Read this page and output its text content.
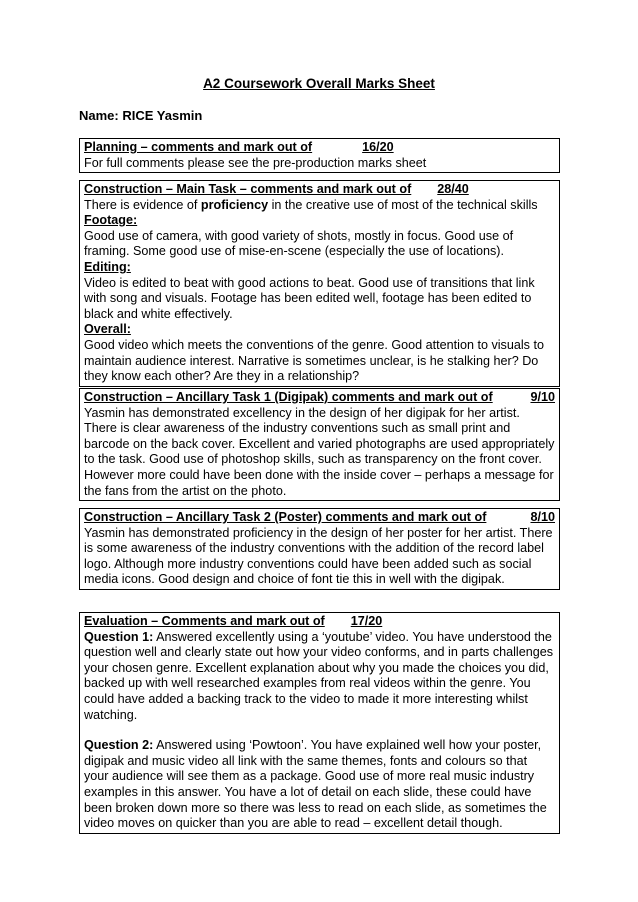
A2 Coursework Overall Marks Sheet
Name: RICE Yasmin
Planning – comments and mark out of	16/20

For full comments please see the pre-production marks sheet

Construction – Main Task – comments and mark out of 28/40

There is evidence of proficiency in the creative use of most of the technical skills

Footage:

Good use of camera, with good variety of shots, mostly in focus. Good use of framing. Some good use of mise-en-scene (especially the use of locations).

Editing:

Video is edited to beat with good actions to beat. Good use of transitions that link with song and visuals. Footage has been edited well, footage has been edited to black and white effectively.

Overall:

Good video which meets the conventions of the genre. Good attention to visuals to maintain audience interest. Narrative is sometimes unclear, is he stalking her? Do they know each other? Are they in a relationship?

Construction – Ancillary Task 1 (Digipak) comments and mark out of	9/10

Yasmin has demonstrated excellency in the design of her digipak for her artist. There is clear awareness of the industry conventions such as small print and barcode on the back cover. Excellent and varied photographs are used appropriately to the task. Good use of photoshop skills, such as transparency on the front cover. However more could have been done with the inside cover – perhaps a message for the fans from the artist on the photo.

Construction – Ancillary Task 2 (Poster) comments and mark out of	8/10

Yasmin has demonstrated proficiency in the design of her poster for her artist. There is some awareness of the industry conventions with the addition of the record label logo. Although more industry conventions could have been added such as social media icons. Good design and choice of font tie this in well with the digipak.

Evaluation – Comments and mark out of 17/20

Question 1: Answered excellently using a ‘youtube’ video. You have understood the question well and clearly state out how your video conforms, and in parts challenges your chosen genre. Excellent explanation about why you made the choices you did, backed up with well researched examples from real videos within the genre. You could have added a backing track to the video to made it more interesting whilst watching.

Question 2: Answered using ‘Powtoon’. You have explained well how your poster, digipak and music video all link with the same themes, fonts and colours so that your audience will see them as a package. Good use of more real music industry examples in this answer. You have a lot of detail on each slide, these could have been broken down more so there was less to read on each slide, as sometimes the video moves on quicker than you are able to read – excellent detail though.
